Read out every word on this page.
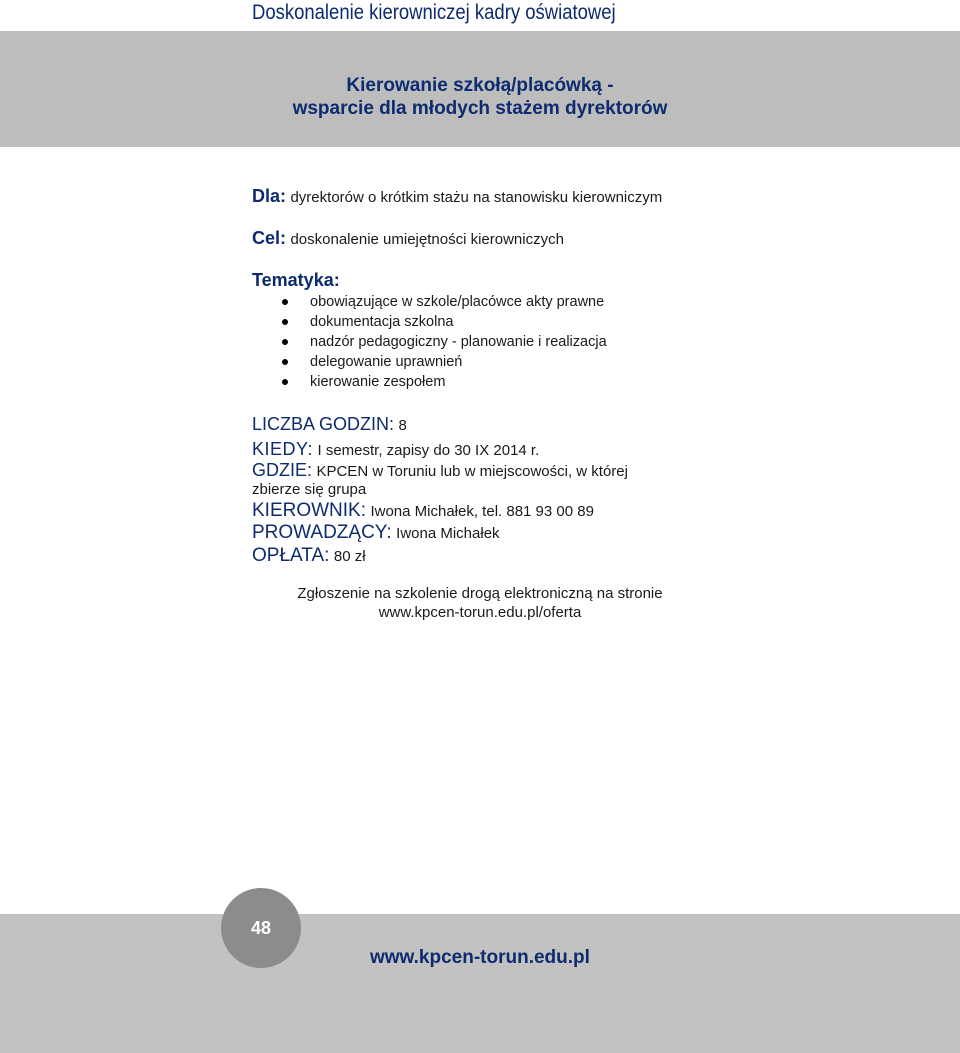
Doskonalenie kierowniczej kadry oświatowej
Kierowanie szkołą/placówką -
wsparcie dla młodych stażem dyrektorów
Dla: dyrektorów o krótkim stażu na stanowisku kierowniczym
Cel: doskonalenie umiejętności kierowniczych
Tematyka:
obowiązujące w szkole/placówce akty prawne
dokumentacja szkolna
nadzór pedagogiczny - planowanie i realizacja
delegowanie uprawnień
kierowanie zespołem
LICZBA GODZIN: 8
KIEDY: I semestr, zapisy do 30 IX 2014 r.
GDZIE: KPCEN w Toruniu lub w miejscowości, w której
zbierze się grupa
KIEROWNIK: Iwona Michałek, tel. 881 93 00 89
PROWADZĄCY: Iwona Michałek
OPŁATA: 80 zł
Zgłoszenie na szkolenie drogą elektroniczną na stronie
www.kpcen-torun.edu.pl/oferta
48
www.kpcen-torun.edu.pl
